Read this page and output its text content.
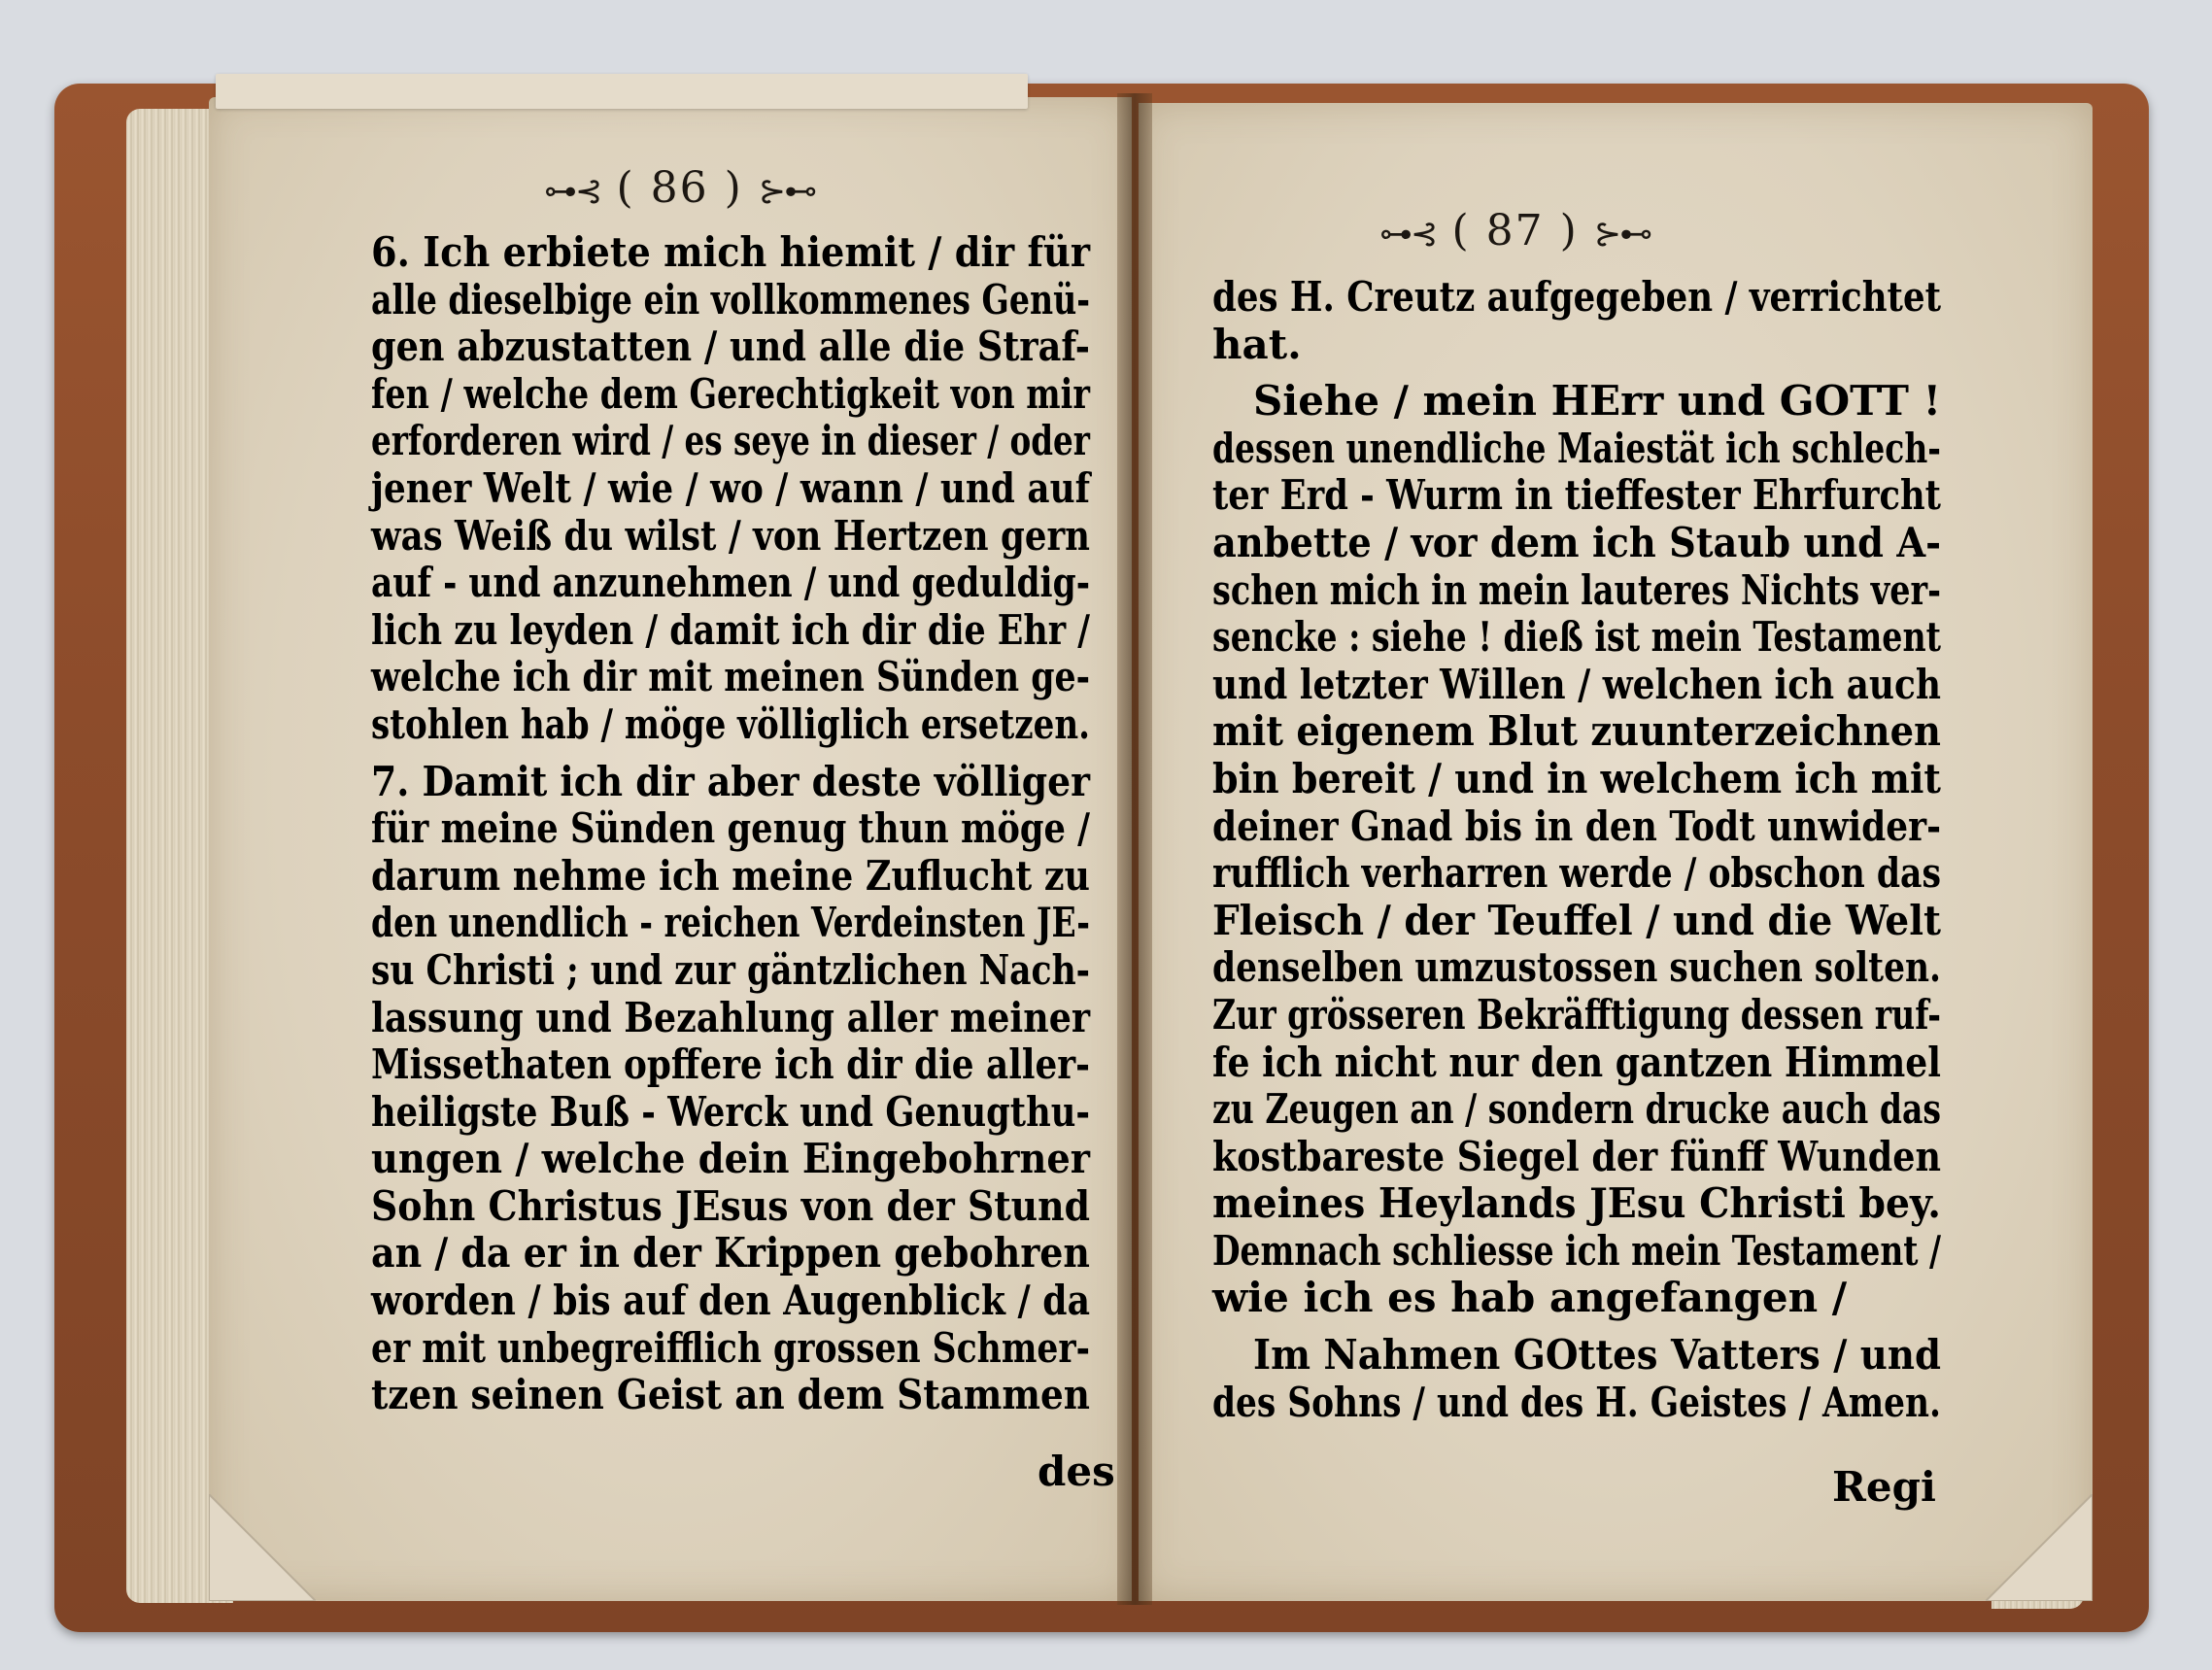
⊶⊰ ( 86 ) ⊱⊷
6. Ich erbiete mich hiemit / dir für
alle dieselbige ein vollkommenes Genü-
gen abzustatten / und alle die Straf-
fen / welche dem Gerechtigkeit von mir
erforderen wird / es seye in dieser / oder
jener Welt / wie / wo / wann / und auf
was Weiß du wilst / von Hertzen gern
auf - und anzunehmen / und geduldig-
lich zu leyden / damit ich dir die Ehr /
welche ich dir mit meinen Sünden ge-
stohlen hab / möge völliglich ersetzen.
7. Damit ich dir aber deste völliger
für meine Sünden genug thun möge /
darum nehme ich meine Zuflucht zu
den unendlich - reichen Verdeinsten JE-
su Christi ; und zur gäntzlichen Nach-
lassung und Bezahlung aller meiner
Missethaten opffere ich dir die aller-
heiligste Buß - Werck und Genugthu-
ungen / welche dein Eingebohrner
Sohn Christus JEsus von der Stund
an / da er in der Krippen gebohren
worden / bis auf den Augenblick / da
er mit unbegreifflich grossen Schmer-
tzen seinen Geist an dem Stammen
des
⊶⊰ ( 87 ) ⊱⊷
des H. Creutz aufgegeben / verrichtet
hat.
Siehe / mein HErr und GOTT !
dessen unendliche Maiestät ich schlech-
ter Erd - Wurm in tieffester Ehrfurcht
anbette / vor dem ich Staub und A-
schen mich in mein lauteres Nichts ver-
sencke : siehe ! dieß ist mein Testament
und letzter Willen / welchen ich auch
mit eigenem Blut zuunterzeichnen
bin bereit / und in welchem ich mit
deiner Gnad bis in den Todt unwider-
rufflich verharren werde / obschon das
Fleisch / der Teuffel / und die Welt
denselben umzustossen suchen solten.
Zur grösseren Bekräfftigung dessen ruf-
fe ich nicht nur den gantzen Himmel
zu Zeugen an / sondern drucke auch das
kostbareste Siegel der fünff Wunden
meines Heylands JEsu Christi bey.
Demnach schliesse ich mein Testament /
wie ich es hab angefangen /
Im Nahmen GOttes Vatters / und
des Sohns / und des H. Geistes / Amen.
Regi
